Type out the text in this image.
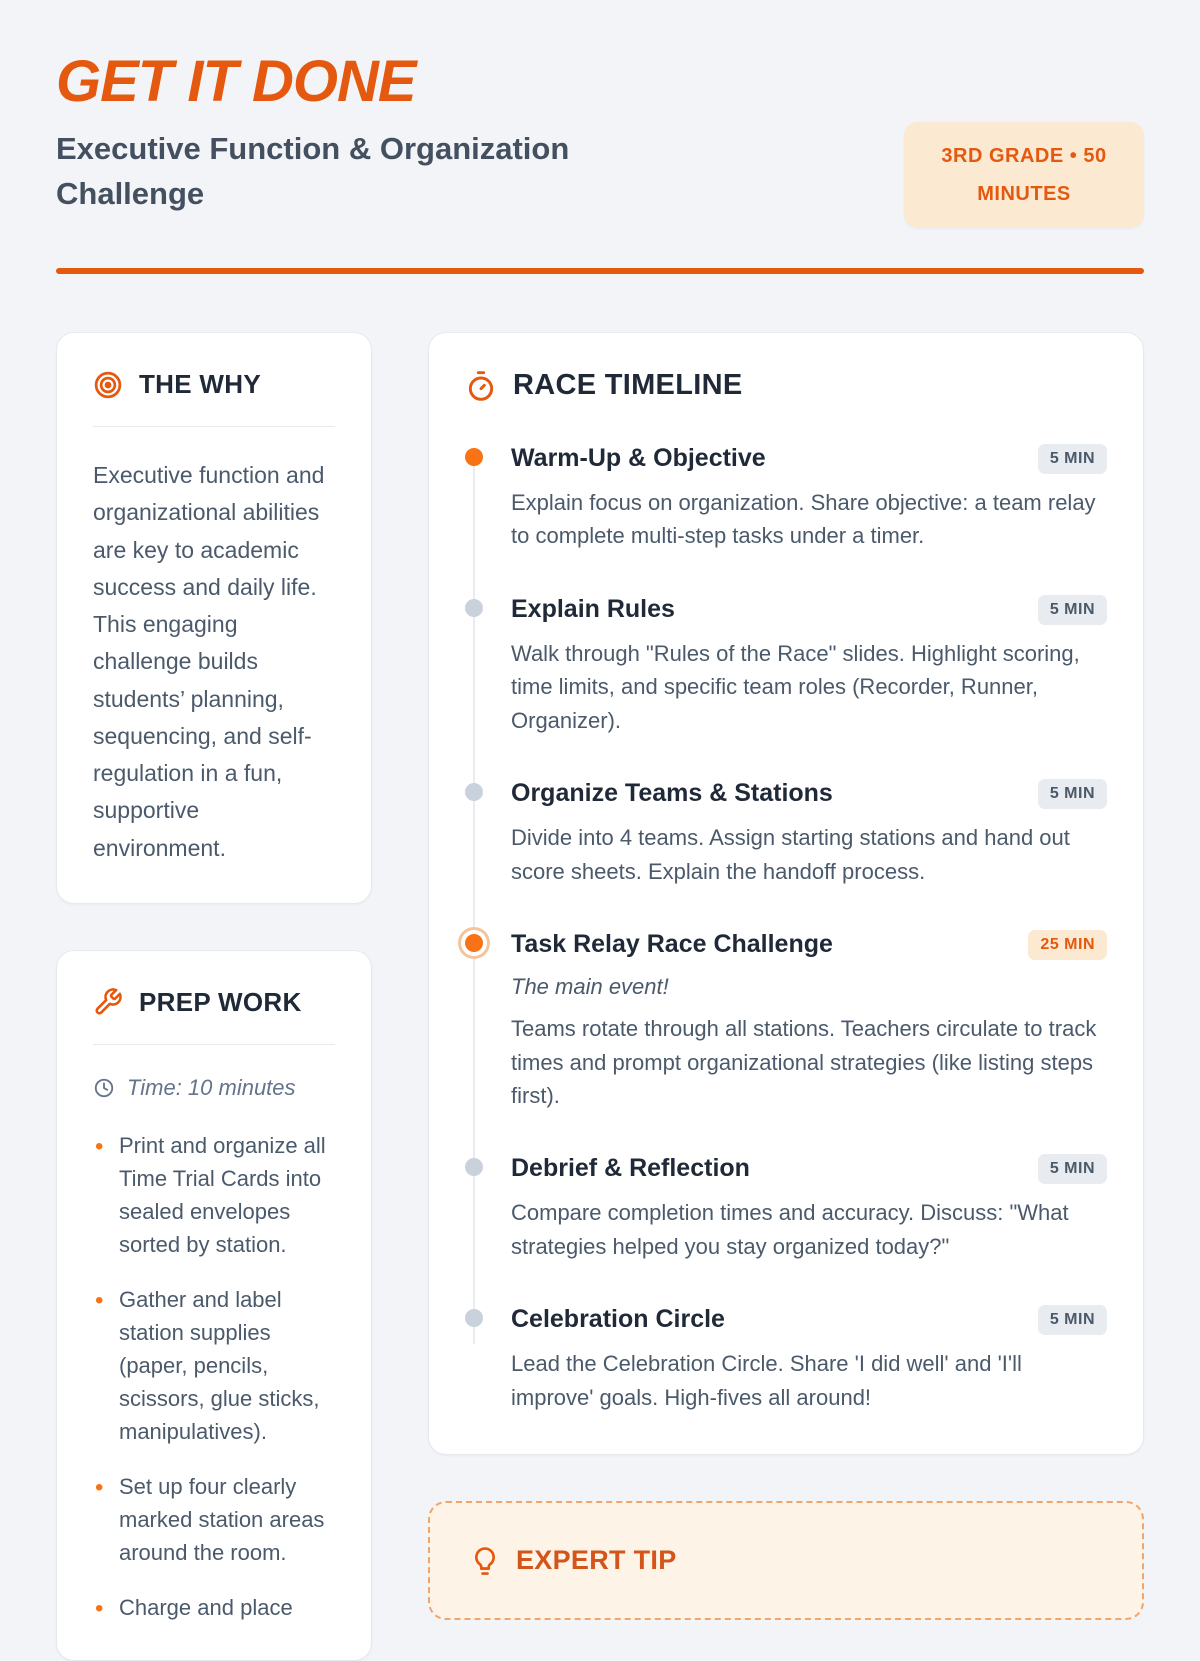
GET IT DONE
Executive Function & Organization Challenge
3RD GRADE • 50 MINUTES
THE WHY

Executive function and organizational abilities are key to academic success and daily life. This engaging challenge builds students’ planning, sequencing, and self-regulation in a fun, supportive environment.

PREP WORK
Time: 10 minutes
• Print and organize all Time Trial Cards into sealed envelopes sorted by station.
• Gather and label station supplies (paper, pencils, scissors, glue sticks, manipulatives).
• Set up four clearly marked station areas around the room.
• Charge and place
RACE TIMELINE
Warm-Up & Objective	5 MIN

Explain focus on organization. Share objective: a team relay to complete multi-step tasks under a timer.

Explain Rules	5 MIN

Walk through "Rules of the Race" slides. Highlight scoring, time limits, and specific team roles (Recorder, Runner, Organizer).

Organize Teams & Stations	5 MIN

Divide into 4 teams. Assign starting stations and hand out score sheets. Explain the handoff process.

Task Relay Race Challenge	25 MIN

The main event!

Teams rotate through all stations. Teachers circulate to track times and prompt organizational strategies (like listing steps first).

Debrief & Reflection	5 MIN

Compare completion times and accuracy. Discuss: "What strategies helped you stay organized today?"

Celebration Circle	5 MIN

Lead the Celebration Circle. Share 'I did well' and 'I'll improve' goals. High-fives all around!

EXPERT TIP
